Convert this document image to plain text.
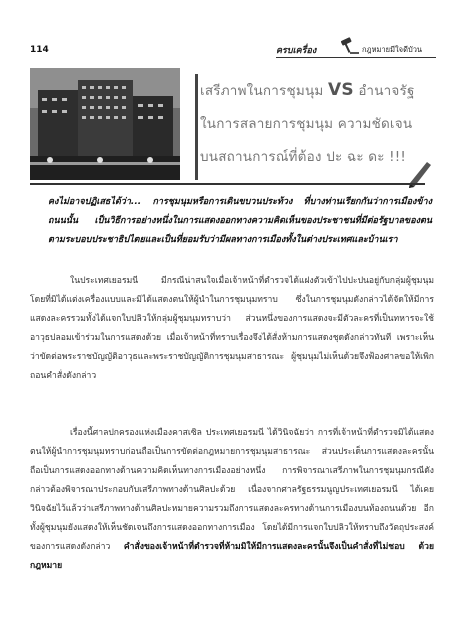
114	ครบเครื่อง	กฎหมายมีใจดีบัวน
เสรีภาพในการชุมนุม VS อำนาจรัฐ
ในการสลายการชุมนุม ความชัดเจน
บนสถานการณ์ที่ต้อง ปะ ฉะ ดะ !!!
คงไม่อาจปฏิเสธได้ว่า... การชุมนุมหรือการเดินขบวนประท้วง ที่บางท่านเรียกกันว่าการเมืองข้างถนนนั้น เป็นวิธีการอย่างหนึ่งในการแสดงออกทางความคิดเห็นของประชาชนที่มีต่อรัฐบาลของตนตามระบอบประชาธิปไตยและเป็นที่ยอมรับว่ามีผลทางการเมืองทั้งในต่างประเทศและบ้านเรา
ในประเทศเยอรมนี มีกรณีน่าสนใจเมื่อเจ้าหน้าที่ตำรวจได้แฝงตัวเข้าไปปะปนอยู่กับกลุ่มผู้ชุมนุมโดยที่มิได้แต่งเครื่องแบบและมิได้แสดงตนให้ผู้นำในการชุมนุมทราบ ซึ่งในการชุมนุมดังกล่าวได้จัดให้มีการแสดงละครรวมทั้งได้แจกใบปลิวให้กลุ่มผู้ชุมนุมทราบว่า ส่วนหนึ่งของการแสดงจะมีตัวละครที่เป็นทหารจะใช้อาวุธปลอมเข้าร่วมในการแสดงด้วย เมื่อเจ้าหน้าที่ทราบเรื่องจึงได้สั่งห้ามการแสดงชุดดังกล่าวทันที เพราะเห็นว่าขัดต่อพระราชบัญญัติอาวุธและพระราชบัญญัติการชุมนุมสาธารณะ ผู้ชุมนุมไม่เห็นด้วยจึงฟ้องศาลขอให้เพิกถอนคำสั่งดังกล่าว
เรื่องนี้ศาลปกครองแห่งเมืองคาสเซิล ประเทศเยอรมนี ได้วินิจฉัยว่า การที่เจ้าหน้าที่ตำรวจมิได้แสดงตนให้ผู้นำการชุมนุมทราบก่อนถือเป็นการขัดต่อกฎหมายการชุมนุมสาธารณะ ส่วนประเด็นการแสดงละครนั้น ถือเป็นการแสดงออกทางด้านความคิดเห็นทางการเมืองอย่างหนึ่ง การพิจารณาเสรีภาพในการชุมนุมกรณีดังกล่าวต้องพิจารณาประกอบกับเสรีภาพทางด้านศิลปะด้วย เนื่องจากศาลรัฐธรรมนูญประเทศเยอรมนี ได้เคยวินิจฉัยไว้แล้วว่าเสรีภาพทางด้านศิลปะหมายความรวมถึงการแสดงละครทางด้านการเมืองบนท้องถนนด้วย อีกทั้งผู้ชุมนุมยังแสดงให้เห็นชัดเจนถึงการแสดงออกทางการเมือง โดยได้มีการแจกใบปลิวให้ทราบถึงวัตถุประสงค์ของการแสดงดังกล่าว คำสั่งของเจ้าหน้าที่ตำรวจที่ห้ามมิให้มีการแสดงละครนั้นจึงเป็นคำสั่งที่ไม่ชอบ ด้วยกฎหมาย
